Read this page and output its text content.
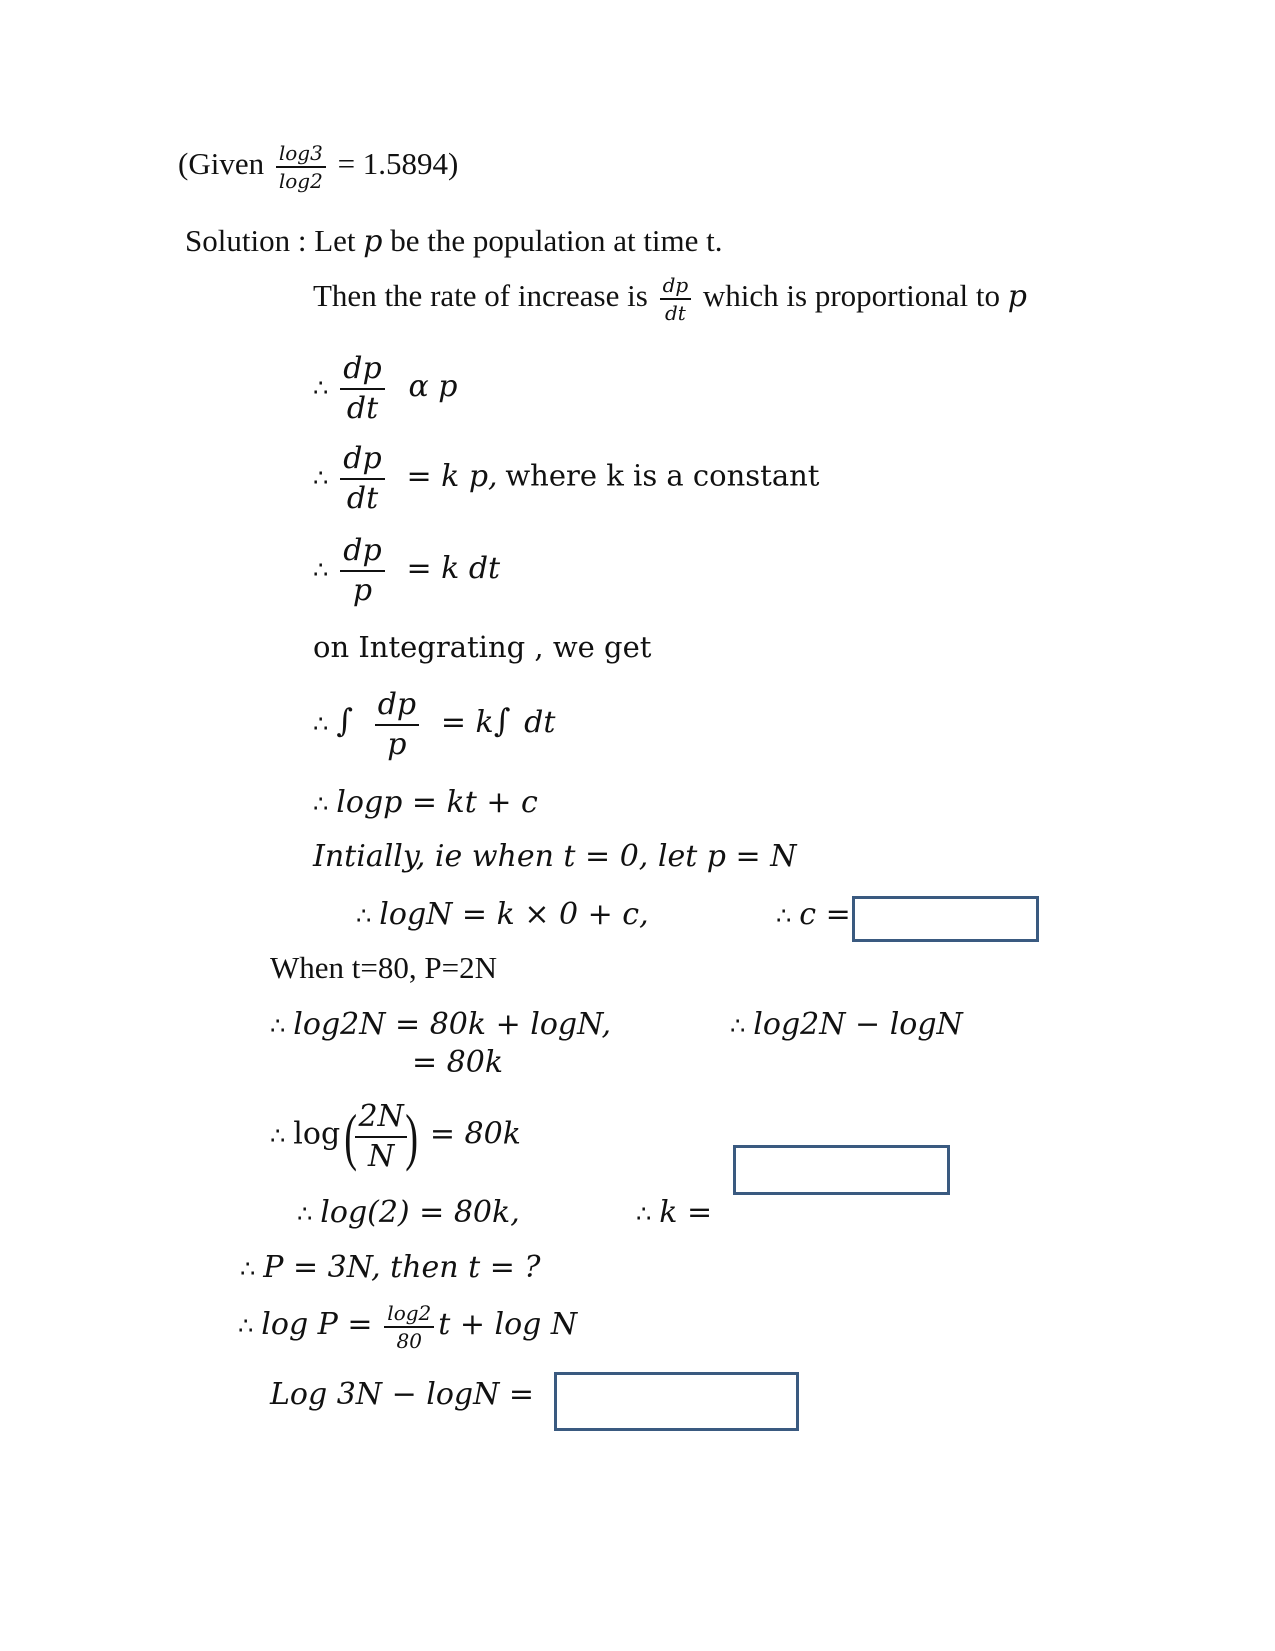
(Given $\frac{\log 3}{\log 2} = 1.5894$)
Solution : Let p be the population at time t.
Then the rate of increase is $\frac{dp}{dt}$ which is proportional to p
∴ $\frac{dp}{dt}$ α p
∴ $\frac{dp}{dt} = k$ p, where k is a constant
∴ $\frac{dp}{p} = k$ dt
on Integrating , we get
∴ ∫ $\frac{dp}{p} = k\int$ dt
∴ logp = kt + c
Intially, ie when t = 0, let p = N
∴ logN = k × 0 + c,	∴ c =
When t=80, P=2N
∴ log2N = 80k + logN,	∴ log2N − logN
= 80k
∴ log(
$\frac{2N}{N}$
) = 80k
∴ log(2) = 80k,	∴ k =
∴ P = 3N, then t = ?
∴ $\log P = \frac{\log 2}{80}$ t + log N
Log 3N − logN =
